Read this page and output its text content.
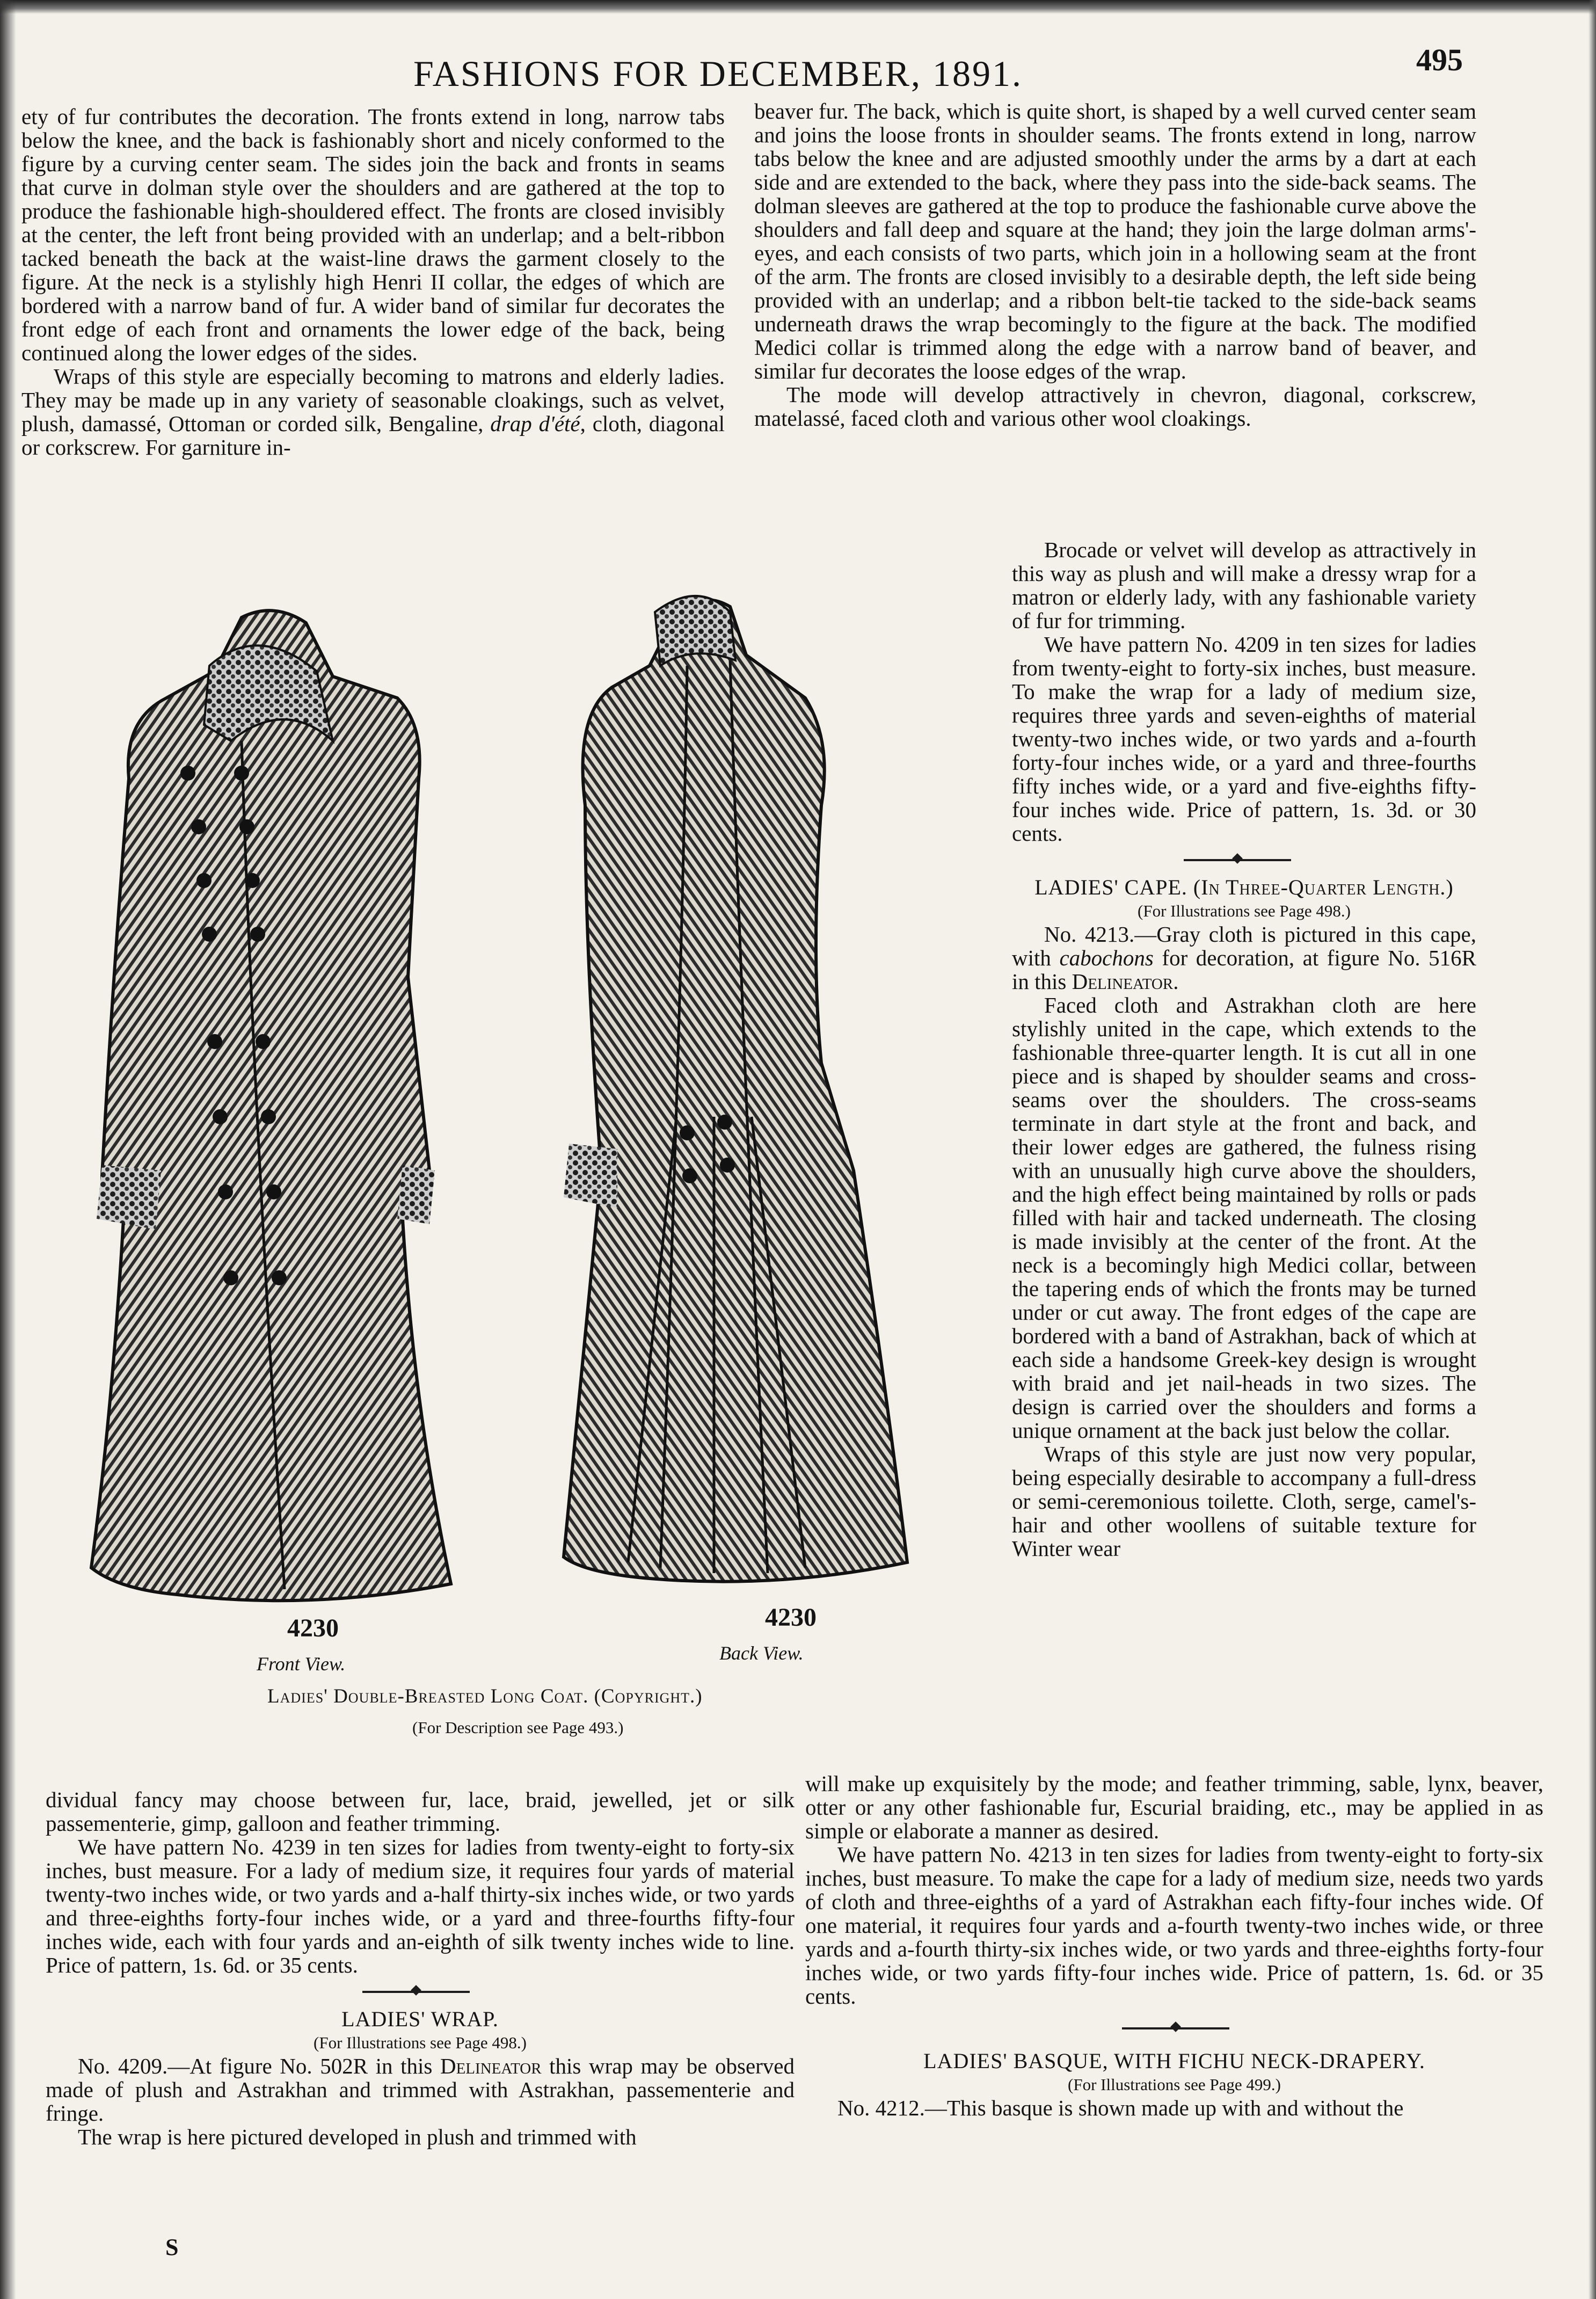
FASHIONS FOR DECEMBER, 1891.	495

ety of fur contributes the decoration. The fronts extend in long, narrow tabs below the knee, and the back is fashionably short and nicely conformed to the figure by a curving center seam. The sides join the back and fronts in seams that curve in dolman style over the shoulders and are gathered at the top to produce the fashionable high-shouldered effect. The fronts are closed invisibly at the center, the left front being provided with an underlap; and a belt-ribbon tacked beneath the back at the waist-line draws the garment closely to the figure. At the neck is a stylishly high Henri II collar, the edges of which are bordered with a narrow band of fur. A wider band of similar fur decorates the front edge of each front and ornaments the lower edge of the back, being continued along the lower edges of the sides.

Wraps of this style are especially becoming to matrons and elderly ladies. They may be made up in any variety of seasonable cloakings, such as velvet, plush, damassé, Ottoman or corded silk, Bengaline, drap d'été, cloth, diagonal or corkscrew. For garniture in-

beaver fur. The back, which is quite short, is shaped by a well curved center seam and joins the loose fronts in shoulder seams. The fronts extend in long, narrow tabs below the knee and are adjusted smoothly under the arms by a dart at each side and are extended to the back, where they pass into the side-back seams. The dolman sleeves are gathered at the top to produce the fashionable curve above the shoulders and fall deep and square at the hand; they join the large dolman arms'-eyes, and each consists of two parts, which join in a hollowing seam at the front of the arm. The fronts are closed invisibly to a desirable depth, the left side being provided with an underlap; and a ribbon belt-tie tacked to the side-back seams underneath draws the wrap becomingly to the figure at the back. The modified Medici collar is trimmed along the edge with a narrow band of beaver, and similar fur decorates the loose edges of the wrap.

The mode will develop attractively in chevron, diagonal, corkscrew, matelassé, faced cloth and various other wool cloakings.

Brocade or velvet will develop as attractively in this way as plush and will make a dressy wrap for a matron or elderly lady, with any fashionable variety of fur for trimming.

We have pattern No. 4209 in ten sizes for ladies from twenty-eight to forty-six inches, bust measure. To make the wrap for a lady of medium size, requires three yards and seven-eighths of material twenty-two inches wide, or two yards and a-fourth forty-four inches wide, or a yard and three-fourths fifty inches wide, or a yard and five-eighths fifty-four inches wide. Price of pattern, 1s. 3d. or 30 cents.

LADIES' CAPE. (In Three-Quarter Length.)

(For Illustrations see Page 498.)

No. 4213.—Gray cloth is pictured in this cape, with cabochons for decoration, at figure No. 516R in this Delineator.

Faced cloth and Astrakhan cloth are here stylishly united in the cape, which extends to the fashionable three-quarter length. It is cut all in one piece and is shaped by shoulder seams and cross-seams over the shoulders. The cross-seams terminate in dart style at the front and back, and their lower edges are gathered, the fulness rising with an unusually high curve above the shoulders, and the high effect being maintained by rolls or pads filled with hair and tacked underneath. The closing is made invisibly at the center of the front. At the neck is a becomingly high Medici collar, between the tapering ends of which the fronts may be turned under or cut away. The front edges of the cape are bordered with a band of Astrakhan, back of which at each side a handsome Greek-key design is wrought with braid and jet nail-heads in two sizes. The design is carried over the shoulders and forms a unique ornament at the back just below the collar.

Wraps of this style are just now very popular, being especially desirable to accompany a full-dress or semi-ceremonious toilette. Cloth, serge, camel's-hair and other woollens of suitable texture for Winter wear

4230
Front View.
4230
Back View.
Ladies' Double-Breasted Long Coat. (Copyright.)
(For Description see Page 493.)

dividual fancy may choose between fur, lace, braid, jewelled, jet or silk passementerie, gimp, galloon and feather trimming.

We have pattern No. 4239 in ten sizes for ladies from twenty-eight to forty-six inches, bust measure. For a lady of medium size, it requires four yards of material twenty-two inches wide, or two yards and a-half thirty-six inches wide, or two yards and three-eighths forty-four inches wide, or a yard and three-fourths fifty-four inches wide, each with four yards and an-eighth of silk twenty inches wide to line. Price of pattern, 1s. 6d. or 35 cents.

LADIES' WRAP.

(For Illustrations see Page 498.)

No. 4209.—At figure No. 502R in this Delineator this wrap may be observed made of plush and Astrakhan and trimmed with Astrakhan, passementerie and fringe.

The wrap is here pictured developed in plush and trimmed with

S

will make up exquisitely by the mode; and feather trimming, sable, lynx, beaver, otter or any other fashionable fur, Escurial braiding, etc., may be applied in as simple or elaborate a manner as desired.

We have pattern No. 4213 in ten sizes for ladies from twenty-eight to forty-six inches, bust measure. To make the cape for a lady of medium size, needs two yards of cloth and three-eighths of a yard of Astrakhan each fifty-four inches wide. Of one material, it requires four yards and a-fourth twenty-two inches wide, or three yards and a-fourth thirty-six inches wide, or two yards and three-eighths forty-four inches wide, or two yards fifty-four inches wide. Price of pattern, 1s. 6d. or 35 cents.

LADIES' BASQUE, WITH FICHU NECK-DRAPERY.

(For Illustrations see Page 499.)

No. 4212.—This basque is shown made up with and without the
